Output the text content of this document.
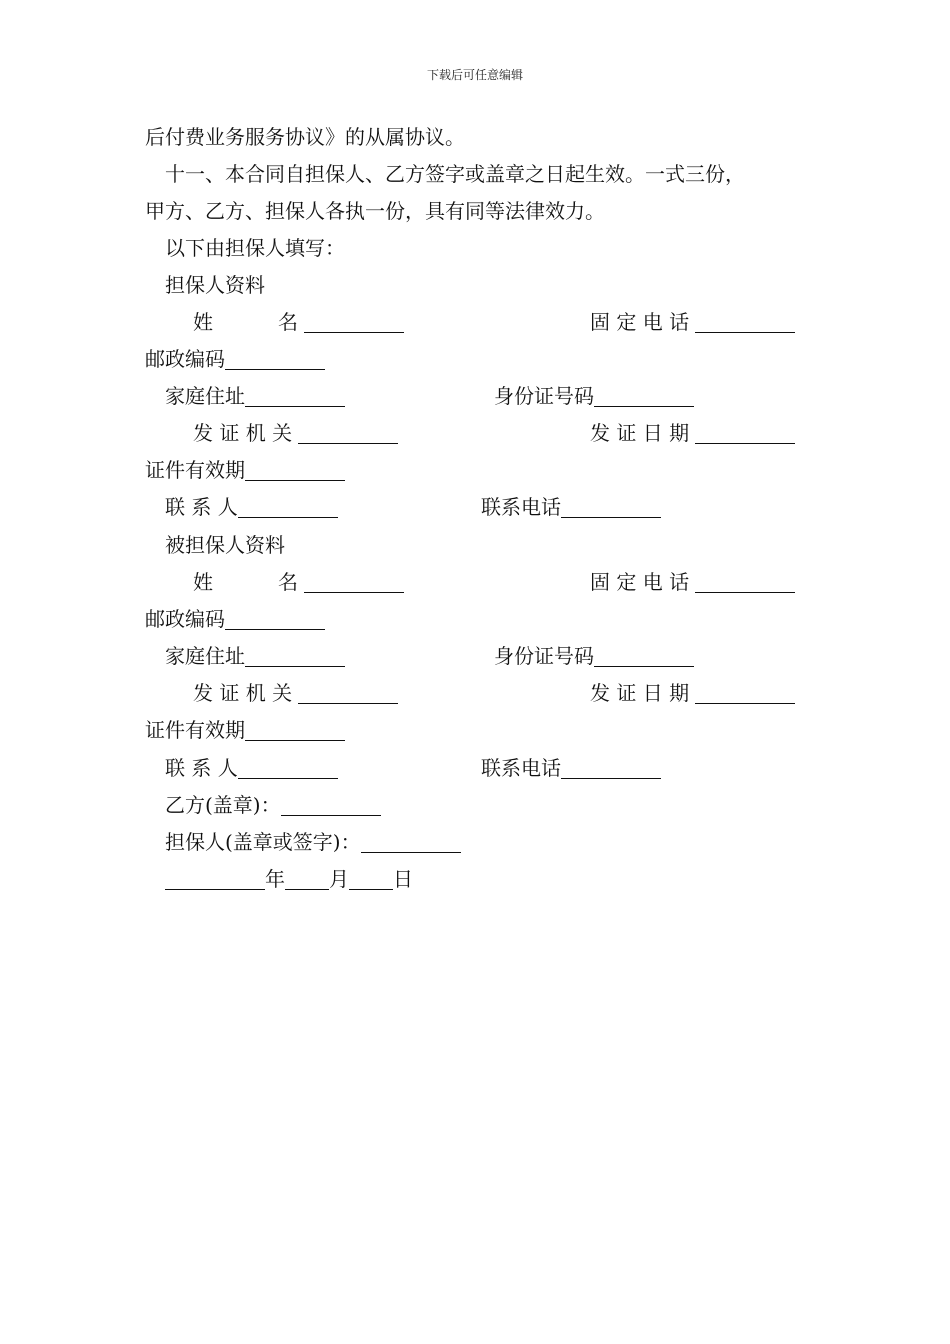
下载后可任意编辑
后付费业务服务协议》的从属协议。
十一、本合同自担保人、乙方签字或盖章之日起生效。一式三份，
甲方、乙方、担保人各执一份，具有同等法律效力。
以下由担保人填写：
担保人资料
姓	名	固 定 电 话
邮政编码
家庭住址	身份证号码
发 证 机 关	发 证 日 期
证件有效期
联 系 人	联系电话
被担保人资料
姓	名	固 定 电 话
邮政编码
家庭住址	身份证号码
发 证 机 关	发 证 日 期
证件有效期
联 系 人	联系电话
乙方(盖章)：
担保人(盖章或签字)：
年 月 日
